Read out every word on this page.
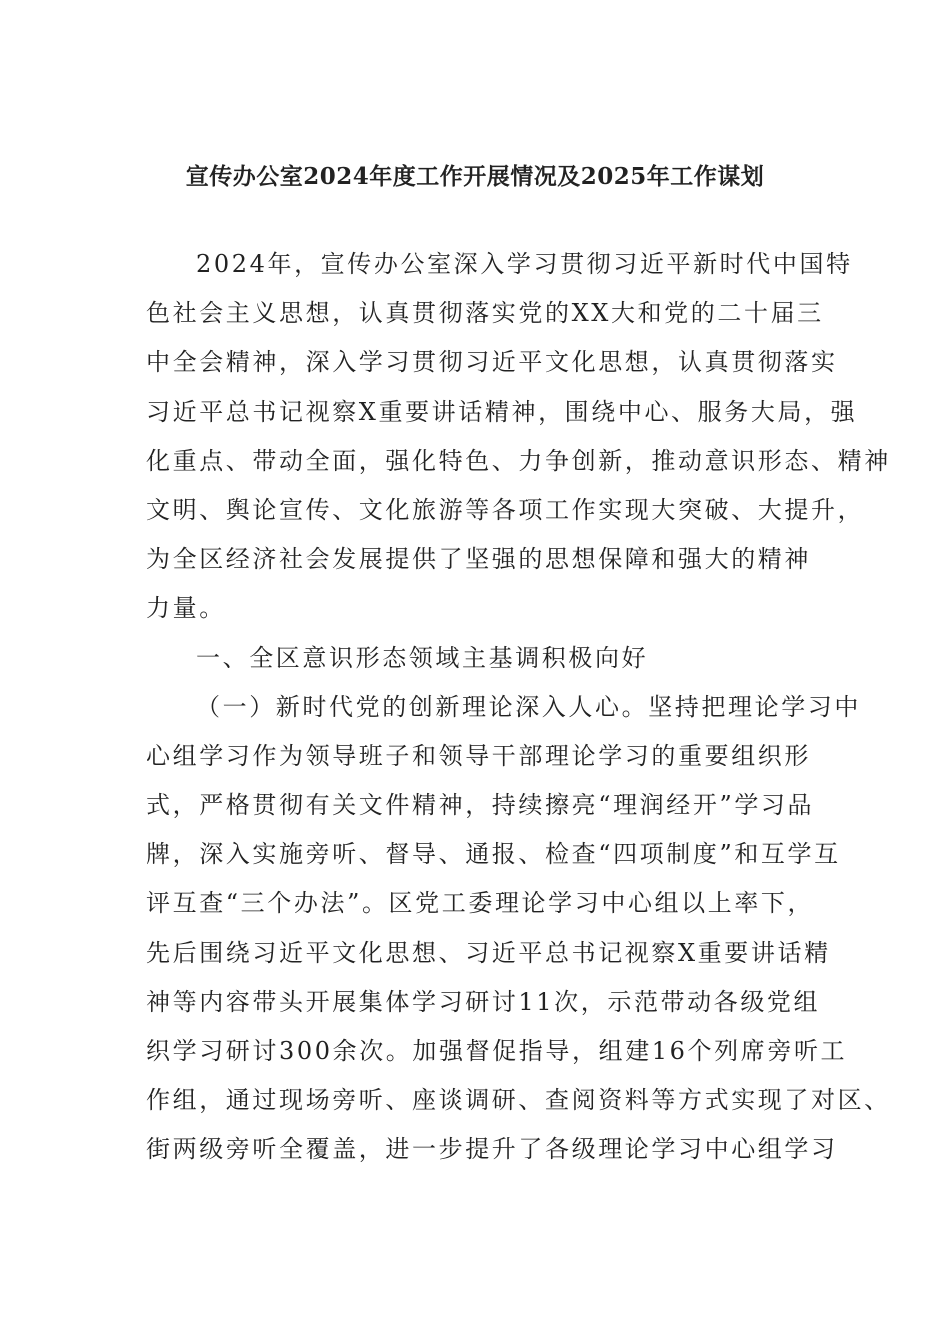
宣传办公室2024年度工作开展情况及2025年工作谋划
2024年，宣传办公室深入学习贯彻习近平新时代中国特
色社会主义思想，认真贯彻落实党的XX大和党的二十届三
中全会精神，深入学习贯彻习近平文化思想，认真贯彻落实
习近平总书记视察X重要讲话精神，围绕中心、服务大局，强
化重点、带动全面，强化特色、力争创新，推动意识形态、精神
文明、舆论宣传、文化旅游等各项工作实现大突破、大提升，
为全区经济社会发展提供了坚强的思想保障和强大的精神
力量。
一、全区意识形态领域主基调积极向好
（一）新时代党的创新理论深入人心。坚持把理论学习中
心组学习作为领导班子和领导干部理论学习的重要组织形
式，严格贯彻有关文件精神，持续擦亮“理润经开”学习品
牌，深入实施旁听、督导、通报、检查“四项制度”和互学互
评互查“三个办法”。区党工委理论学习中心组以上率下，
先后围绕习近平文化思想、习近平总书记视察X重要讲话精
神等内容带头开展集体学习研讨11次，示范带动各级党组
织学习研讨300余次。加强督促指导，组建16个列席旁听工
作组，通过现场旁听、座谈调研、查阅资料等方式实现了对区、
街两级旁听全覆盖，进一步提升了各级理论学习中心组学习
